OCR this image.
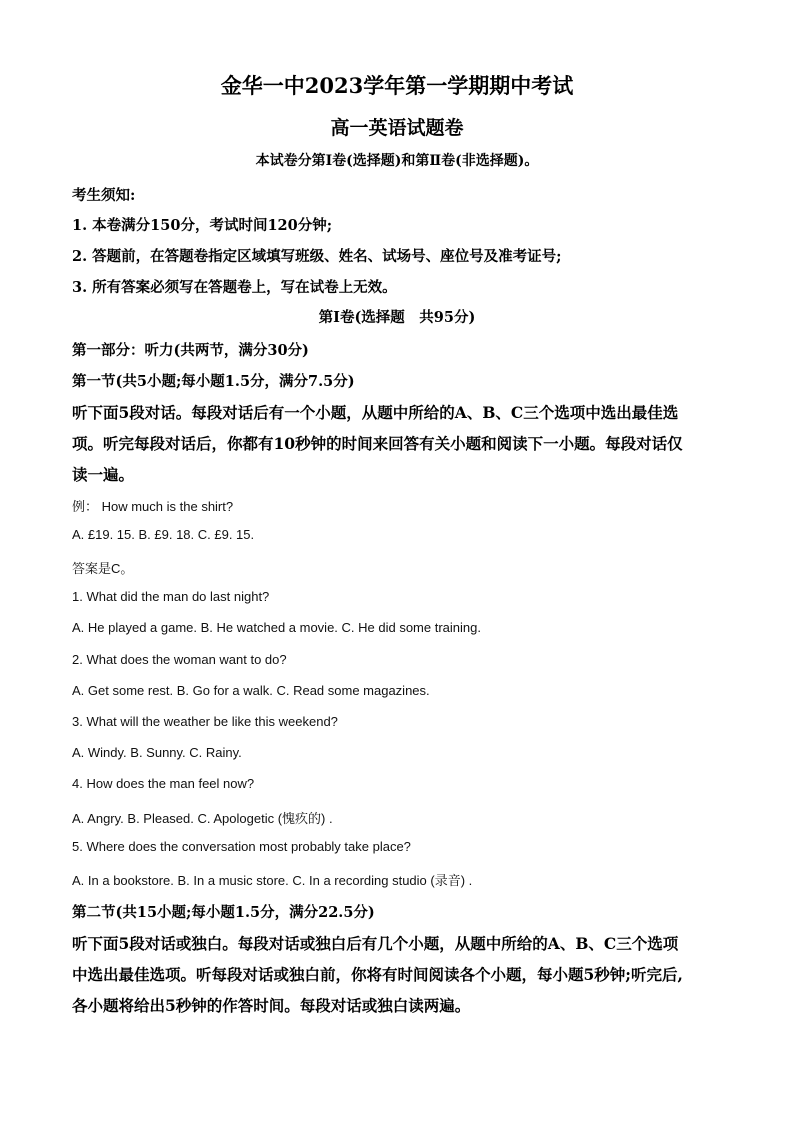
金华一中2023学年第一学期期中考试
高一英语试题卷
本试卷分第Ⅰ卷(选择题)和第Ⅱ卷(非选择题)。
考生须知:
1. 本卷满分150分，考试时间120分钟;
2. 答题前，在答题卷指定区域填写班级、姓名、试场号、座位号及准考证号;
3. 所有答案必须写在答题卷上，写在试卷上无效。
第Ⅰ卷(选择题　共95分)
第一部分：听力(共两节，满分30分)
第一节(共5小题;每小题1.5分，满分7.5分)
听下面5段对话。每段对话后有一个小题，从题中所给的A、B、C三个选项中选出最佳选
项。听完每段对话后，你都有10秒钟的时间来回答有关小题和阅读下一小题。每段对话仅
读一遍。
例： How much is the shirt?
A. £19. 15. B. £9. 18. C. £9. 15.
答案是C。
1. What did the man do last night?
A. He played a game. B. He watched a movie. C. He did some training.
2. What does the woman want to do?
A. Get some rest. B. Go for a walk. C. Read some magazines.
3. What will the weather be like this weekend?
A. Windy. B. Sunny. C. Rainy.
4. How does the man feel now?
A. Angry. B. Pleased. C. Apologetic (愧疚的) .
5. Where does the conversation most probably take place?
A. In a bookstore. B. In a music store. C. In a recording studio (录音) .
第二节(共15小题;每小题1.5分，满分22.5分)
听下面5段对话或独白。每段对话或独白后有几个小题，从题中所给的A、B、C三个选项
中选出最佳选项。听每段对话或独白前，你将有时间阅读各个小题，每小题5秒钟;听完后,
各小题将给出5秒钟的作答时间。每段对话或独白读两遍。
